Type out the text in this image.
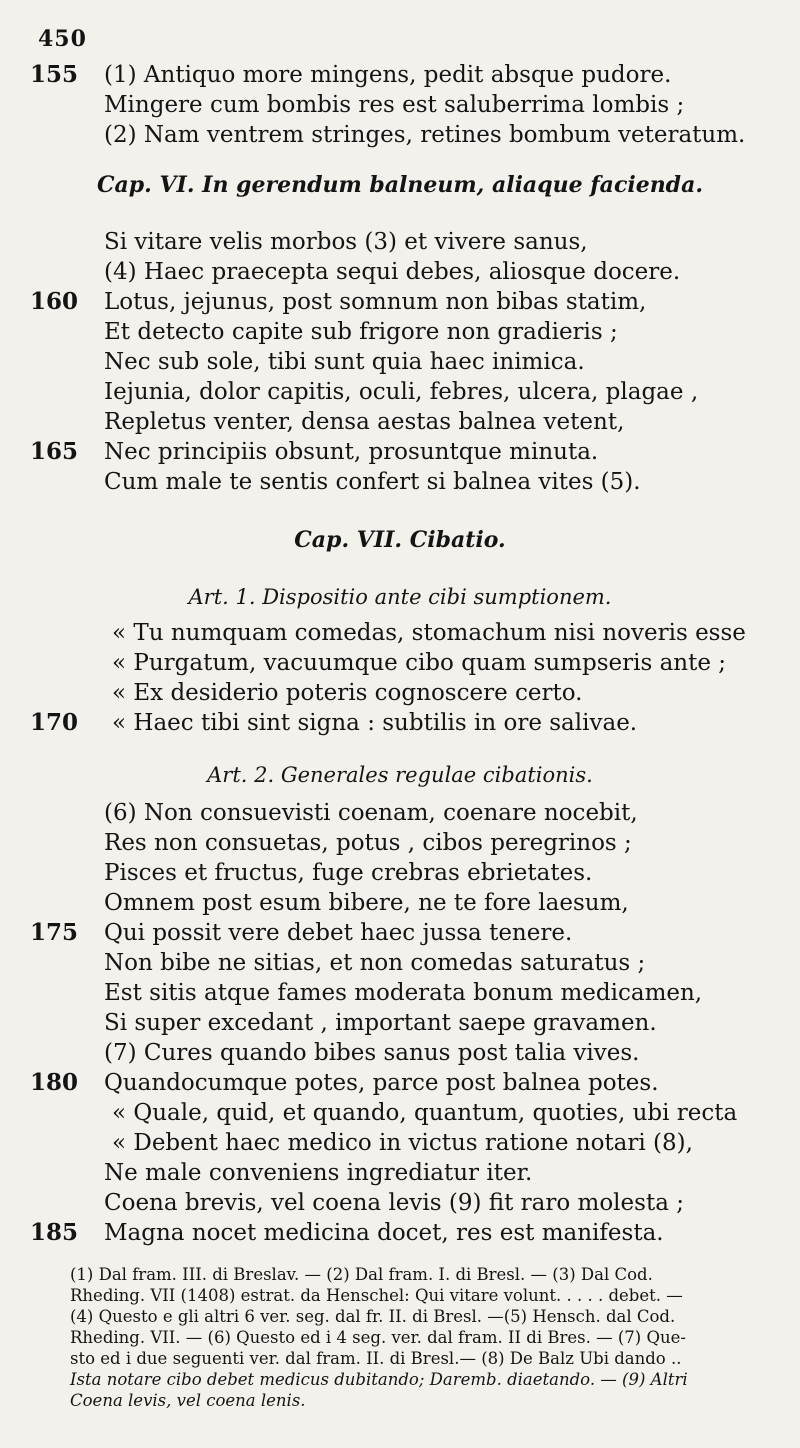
450
155	(1) Antiquo more mingens, pedit absque pudore.
Mingere cum bombis res est saluberrima lombis ;
(2) Nam ventrem stringes, retines bombum veteratum.
Cap. VI. In gerendum balneum, aliaque facienda.
Si vitare velis morbos (3) et vivere sanus,
(4) Haec praecepta sequi debes, aliosque docere.
160	Lotus, jejunus, post somnum non bibas statim,
Et detecto capite sub frigore non gradieris ;
Nec sub sole, tibi sunt quia haec inimica.
Iejunia, dolor capitis, oculi, febres, ulcera, plagae ,
Repletus venter, densa aestas balnea vetent,
165	Nec principiis obsunt, prosuntque minuta.
Cum male te sentis confert si balnea vites (5).
Cap. VII. Cibatio.
Art. 1. Dispositio ante cibi sumptionem.
« Tu numquam comedas, stomachum nisi noveris esse
« Purgatum, vacuumque cibo quam sumpseris ante ;
« Ex desiderio poteris cognoscere certo.
170	« Haec tibi sint signa : subtilis in ore salivae.
Art. 2. Generales regulae cibationis.
(6) Non consuevisti coenam, coenare nocebit,
Res non consuetas, potus , cibos peregrinos ;
Pisces et fructus, fuge crebras ebrietates.
Omnem post esum bibere, ne te fore laesum,
175	Qui possit vere debet haec jussa tenere.
Non bibe ne sitias, et non comedas saturatus ;
Est sitis atque fames moderata bonum medicamen,
Si super excedant , important saepe gravamen.
(7) Cures quando bibes sanus post talia vives.
180	Quandocumque potes, parce post balnea potes.
« Quale, quid, et quando, quantum, quoties, ubi recta
« Debent haec medico in victus ratione notari (8),
Ne male conveniens ingrediatur iter.
Coena brevis, vel coena levis (9) fit raro molesta ;
185	Magna nocet medicina docet, res est manifesta.
(1) Dal fram. III. di Breslav. — (2) Dal fram. I. di Bresl. — (3) Dal Cod.
Rheding. VII (1408) estrat. da Henschel: Qui vitare volunt. . . . . debet. —
(4) Questo e gli altri 6 ver. seg. dal fr. II. di Bresl. —(5) Hensch. dal Cod.
Rheding. VII. — (6) Questo ed i 4 seg. ver. dal fram. II di Bres. — (7) Que-
sto ed i due seguenti ver. dal fram. II. di Bresl.— (8) De Balz Ubi dando ..
Ista notare cibo debet medicus dubitando; Daremb. diaetando. — (9) Altri
Coena levis, vel coena lenis.
